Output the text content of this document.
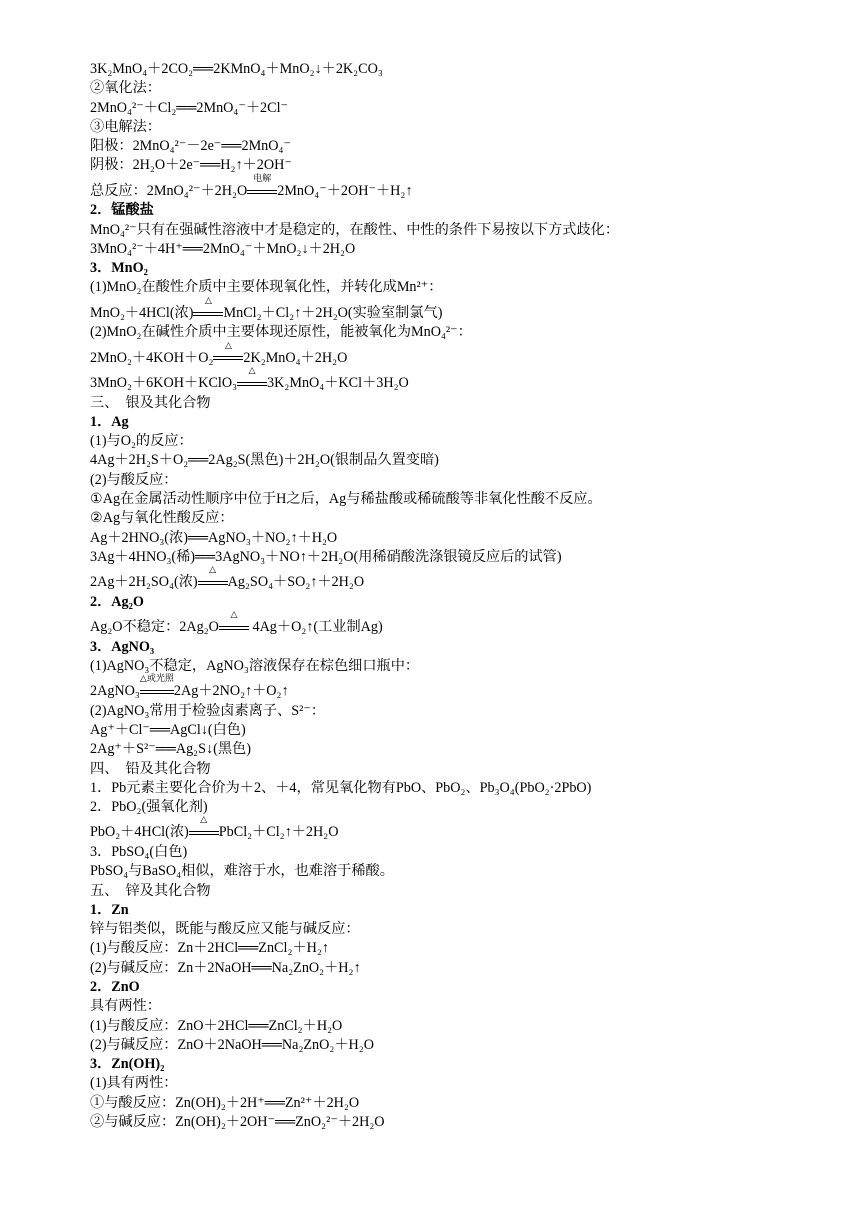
3K₂MnO₄＋2CO₂══2KMnO₄＋MnO₂↓＋2K₂CO₃
②氧化法：
2MnO₄²⁻＋Cl₂══2MnO₄⁻＋2Cl⁻
③电解法：
阳极：2MnO₄²⁻－2e⁻══2MnO₄⁻
阴极：2H₂O＋2e⁻══H₂↑＋2OH⁻
总反应：2MnO₄²⁻＋2H₂O
电解
2MnO₄⁻＋2OH⁻＋H₂↑
2．锰酸盐
MnO₄²⁻只有在强碱性溶液中才是稳定的，在酸性、中性的条件下易按以下方式歧化：
3MnO₄²⁻＋4H⁺══2MnO₄⁻＋MnO₂↓＋2H₂O
3．MnO₂
(1)MnO₂在酸性介质中主要体现氧化性，并转化成Mn²⁺：
MnO₂＋4HCl(浓)
△
MnCl₂＋Cl₂↑＋2H₂O(实验室制氯气)
(2)MnO₂在碱性介质中主要体现还原性，能被氧化为MnO₄²⁻：
2MnO₂＋4KOH＋O₂
△
2K₂MnO₄＋2H₂O
3MnO₂＋6KOH＋KClO₃
△
3K₂MnO₄＋KCl＋3H₂O
三、　银及其化合物
1．Ag
(1)与O₂的反应：
4Ag＋2H₂S＋O₂══2Ag₂S(黑色)＋2H₂O(银制品久置变暗)
(2)与酸反应：
①Ag在金属活动性顺序中位于H之后，Ag与稀盐酸或稀硫酸等非氧化性酸不反应。
②Ag与氧化性酸反应：
Ag＋2HNO₃(浓)══AgNO₃＋NO₂↑＋H₂O
3Ag＋4HNO₃(稀)══3AgNO₃＋NO↑＋2H₂O(用稀硝酸洗涤银镜反应后的试管)
2Ag＋2H₂SO₄(浓)
△
Ag₂SO₄＋SO₂↑＋2H₂O
2．Ag₂O
Ag₂O不稳定：2Ag₂O
△
4Ag＋O₂↑(工业制Ag)
3．AgNO₃
(1)AgNO₃不稳定，AgNO₃溶液保存在棕色细口瓶中：
2AgNO₃
△或光照
2Ag＋2NO₂↑＋O₂↑
(2)AgNO₃常用于检验卤素离子、S²⁻：
Ag⁺＋Cl⁻══AgCl↓(白色)
2Ag⁺＋S²⁻══Ag₂S↓(黑色)
四、　铅及其化合物
1．Pb元素主要化合价为＋2、＋4，常见氧化物有PbO、PbO₂、Pb₃O₄(PbO₂·2PbO)
2．PbO₂(强氧化剂)
PbO₂＋4HCl(浓)
△
PbCl₂＋Cl₂↑＋2H₂O
3．PbSO₄(白色)
PbSO₄与BaSO₄相似，难溶于水，也难溶于稀酸。
五、　锌及其化合物
1．Zn
锌与铝类似，既能与酸反应又能与碱反应：
(1)与酸反应：Zn＋2HCl══ZnCl₂＋H₂↑
(2)与碱反应：Zn＋2NaOH══Na₂ZnO₂＋H₂↑
2．ZnO
具有两性：
(1)与酸反应：ZnO＋2HCl══ZnCl₂＋H₂O
(2)与碱反应：ZnO＋2NaOH══Na₂ZnO₂＋H₂O
3．Zn(OH)₂
(1)具有两性：
①与酸反应：Zn(OH)₂＋2H⁺══Zn²⁺＋2H₂O
②与碱反应：Zn(OH)₂＋2OH⁻══ZnO₂²⁻＋2H₂O
